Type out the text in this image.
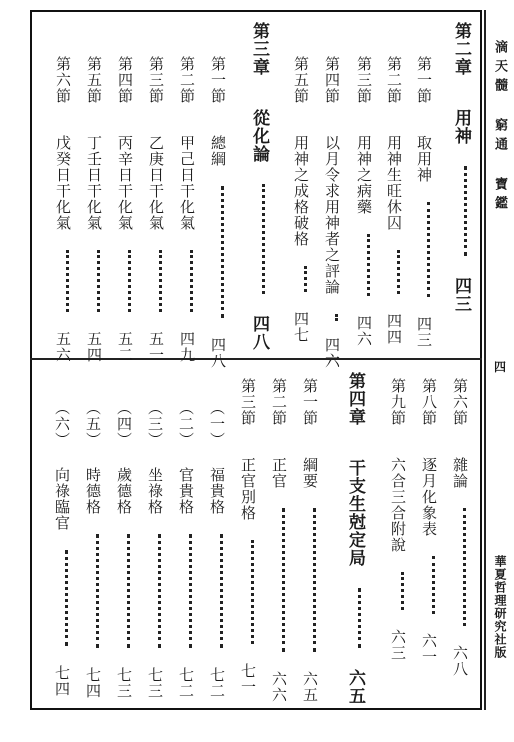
滴天髓 窮通 寶鑑
四
華夏哲理研究社版
第二章 用神  四三
第一節 取用神  四三
第二節 用神生旺休囚  四四
第三節 用神之病藥  四六
第四節 以月令求用神者之評論  四六
第五節 用神之成格破格  四七
第三章 從化論  四八
第一節 總綱  四八
第二節 甲己日干化氣  四九
第三節 乙庚日干化氣  五一
第四節 丙辛日干化氣  五二
第五節 丁壬日干化氣  五四
第六節 戊癸日干化氣  五六
第六節 雜論  六八
第八節 逐月化象表  六一
第九節 六合三合附說  六三
第四章 干支生尅定局  六五
第一節 綱要  六五
第二節 正官  六六
第三節 正官別格  七一
（一） 福貴格  七二
（二） 官貴格  七二
（三） 坐祿格  七三
（四） 歲德格  七三
（五） 時德格  七四
（六） 向祿臨官  七四
